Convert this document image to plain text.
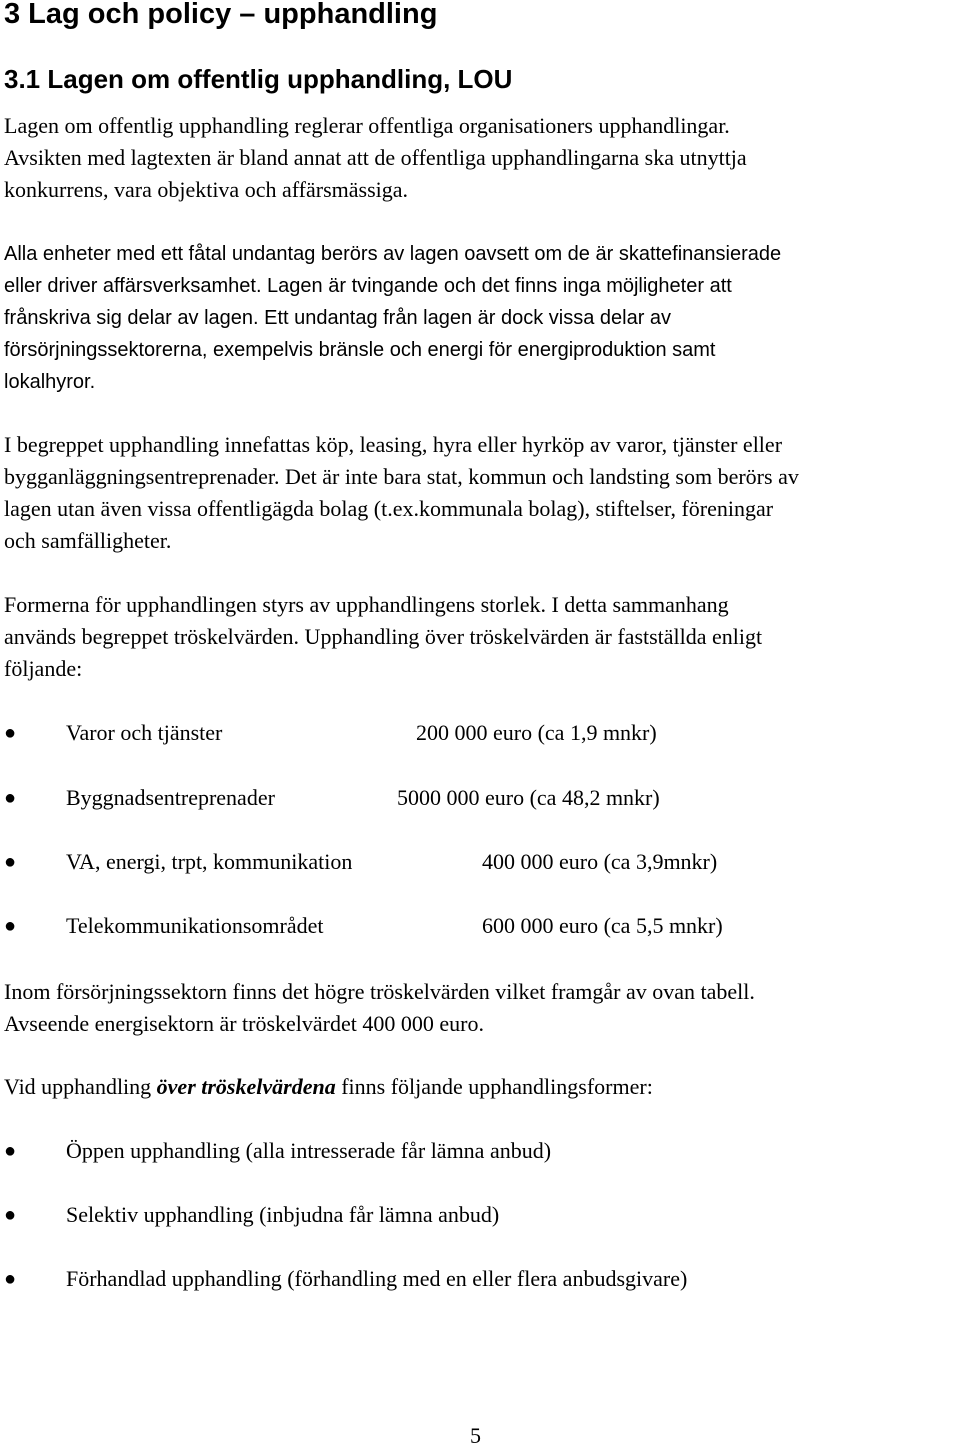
3 Lag och policy – upphandling
3.1 Lagen om offentlig upphandling, LOU
Lagen om offentlig upphandling reglerar offentliga organisationers upphandlingar.
Avsikten med lagtexten är bland annat att de offentliga upphandlingarna ska utnyttja
konkurrens, vara objektiva och affärsmässiga.
Alla enheter med ett fåtal undantag berörs av lagen oavsett om de är skattefinansierade
eller driver affärsverksamhet. Lagen är tvingande och det finns inga möjligheter att
frånskriva sig delar av lagen. Ett undantag från lagen är dock vissa delar av
försörjningssektorerna, exempelvis bränsle och energi för energiproduktion samt
lokalhyror.
I begreppet upphandling innefattas köp, leasing, hyra eller hyrköp av varor, tjänster eller
bygganläggningsentreprenader. Det är inte bara stat, kommun och landsting som berörs av
lagen utan även vissa offentligägda bolag (t.ex.kommunala bolag), stiftelser, föreningar
och samfälligheter.
Formerna för upphandlingen styrs av upphandlingens storlek. I detta sammanhang
används begreppet tröskelvärden. Upphandling över tröskelvärden är fastställda enligt
följande:
●	Varor och tjänster	200 000 euro (ca 1,9 mnkr)
●	Byggnadsentreprenader	5000 000 euro (ca 48,2 mnkr)
●	VA, energi, trpt, kommunikation	400 000 euro (ca 3,9mnkr)
●	Telekommunikationsområdet	600 000 euro (ca 5,5 mnkr)
Inom försörjningssektorn finns det högre tröskelvärden vilket framgår av ovan tabell.
Avseende energisektorn är tröskelvärdet 400 000 euro.
Vid upphandling över tröskelvärdena finns följande upphandlingsformer:
●	Öppen upphandling (alla intresserade får lämna anbud)
●	Selektiv upphandling (inbjudna får lämna anbud)
●	Förhandlad upphandling (förhandling med en eller flera anbudsgivare)
5
